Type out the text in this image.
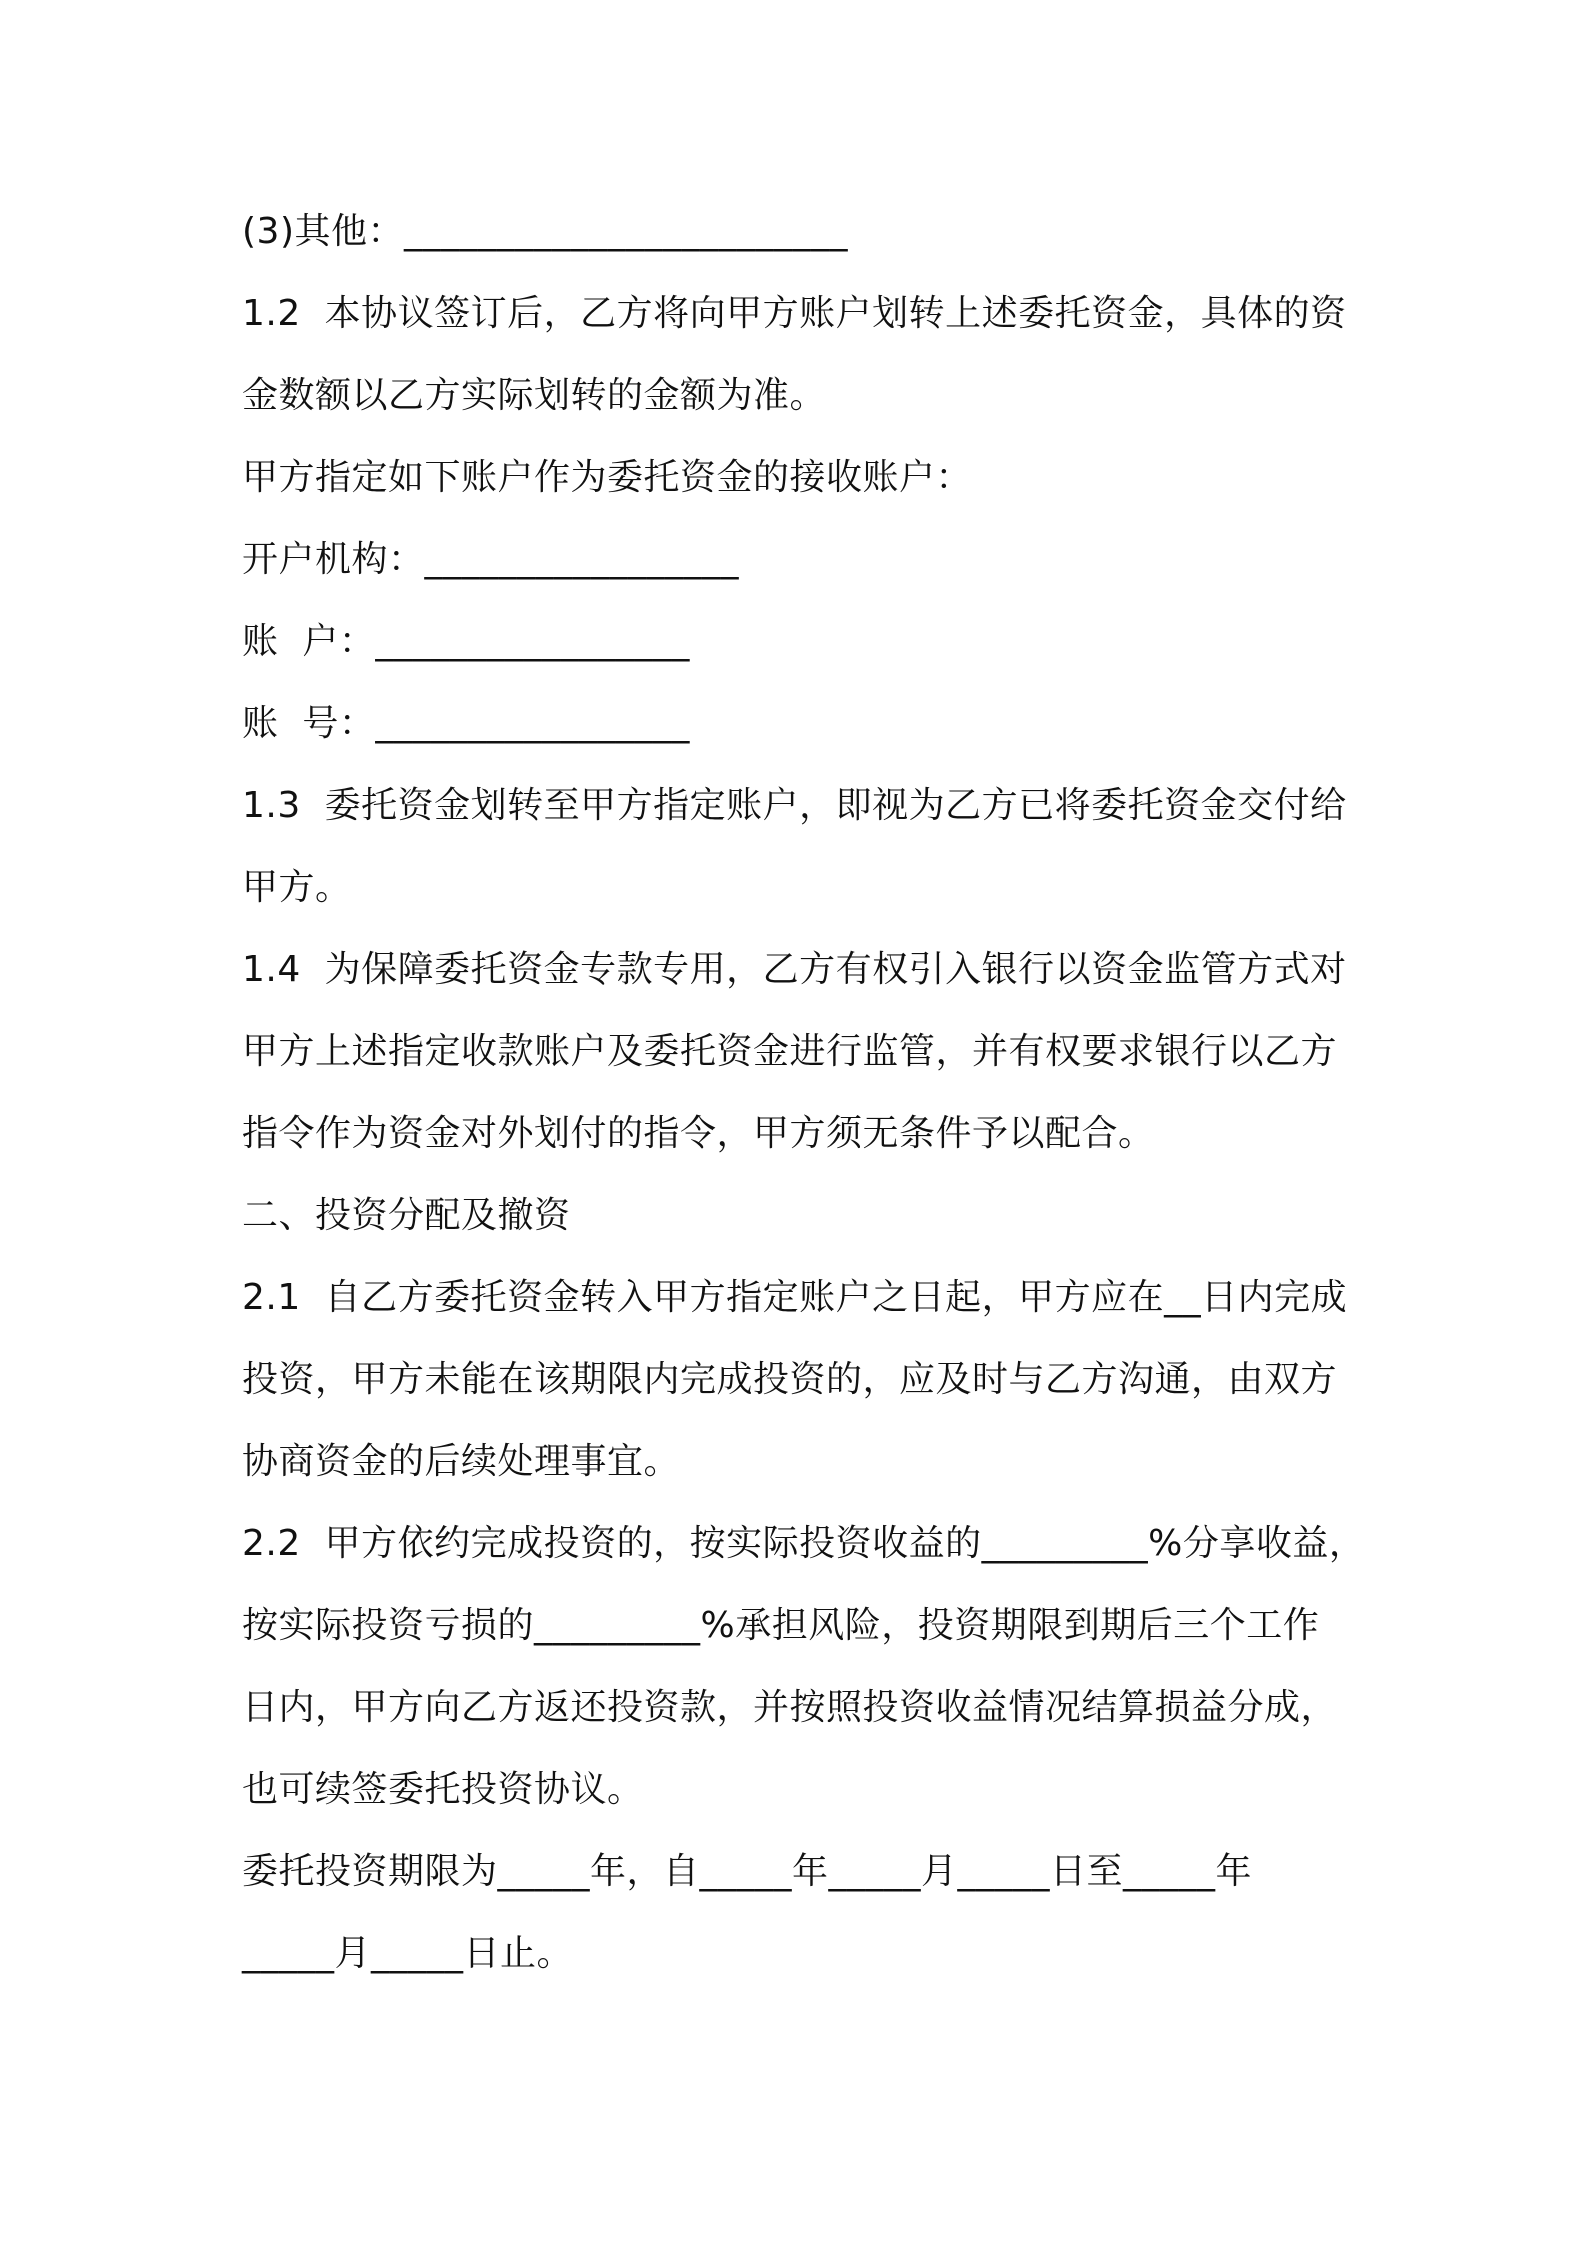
(3)其他：________________________
1.2  本协议签订后，乙方将向甲方账户划转上述委托资金，具体的资
金数额以乙方实际划转的金额为准。
甲方指定如下账户作为委托资金的接收账户：
开户机构：_________________
账  户：_________________
账  号：_________________
1.3  委托资金划转至甲方指定账户，即视为乙方已将委托资金交付给
甲方。
1.4  为保障委托资金专款专用，乙方有权引入银行以资金监管方式对
甲方上述指定收款账户及委托资金进行监管，并有权要求银行以乙方
指令作为资金对外划付的指令，甲方须无条件予以配合。
二、投资分配及撤资
2.1  自乙方委托资金转入甲方指定账户之日起，甲方应在__日内完成
投资，甲方未能在该期限内完成投资的，应及时与乙方沟通，由双方
协商资金的后续处理事宜。
2.2  甲方依约完成投资的，按实际投资收益的_________%分享收益，
按实际投资亏损的_________%承担风险，投资期限到期后三个工作
日内，甲方向乙方返还投资款，并按照投资收益情况结算损益分成，
也可续签委托投资协议。
委托投资期限为_____年，自_____年_____月_____日至_____年
_____月_____日止。
